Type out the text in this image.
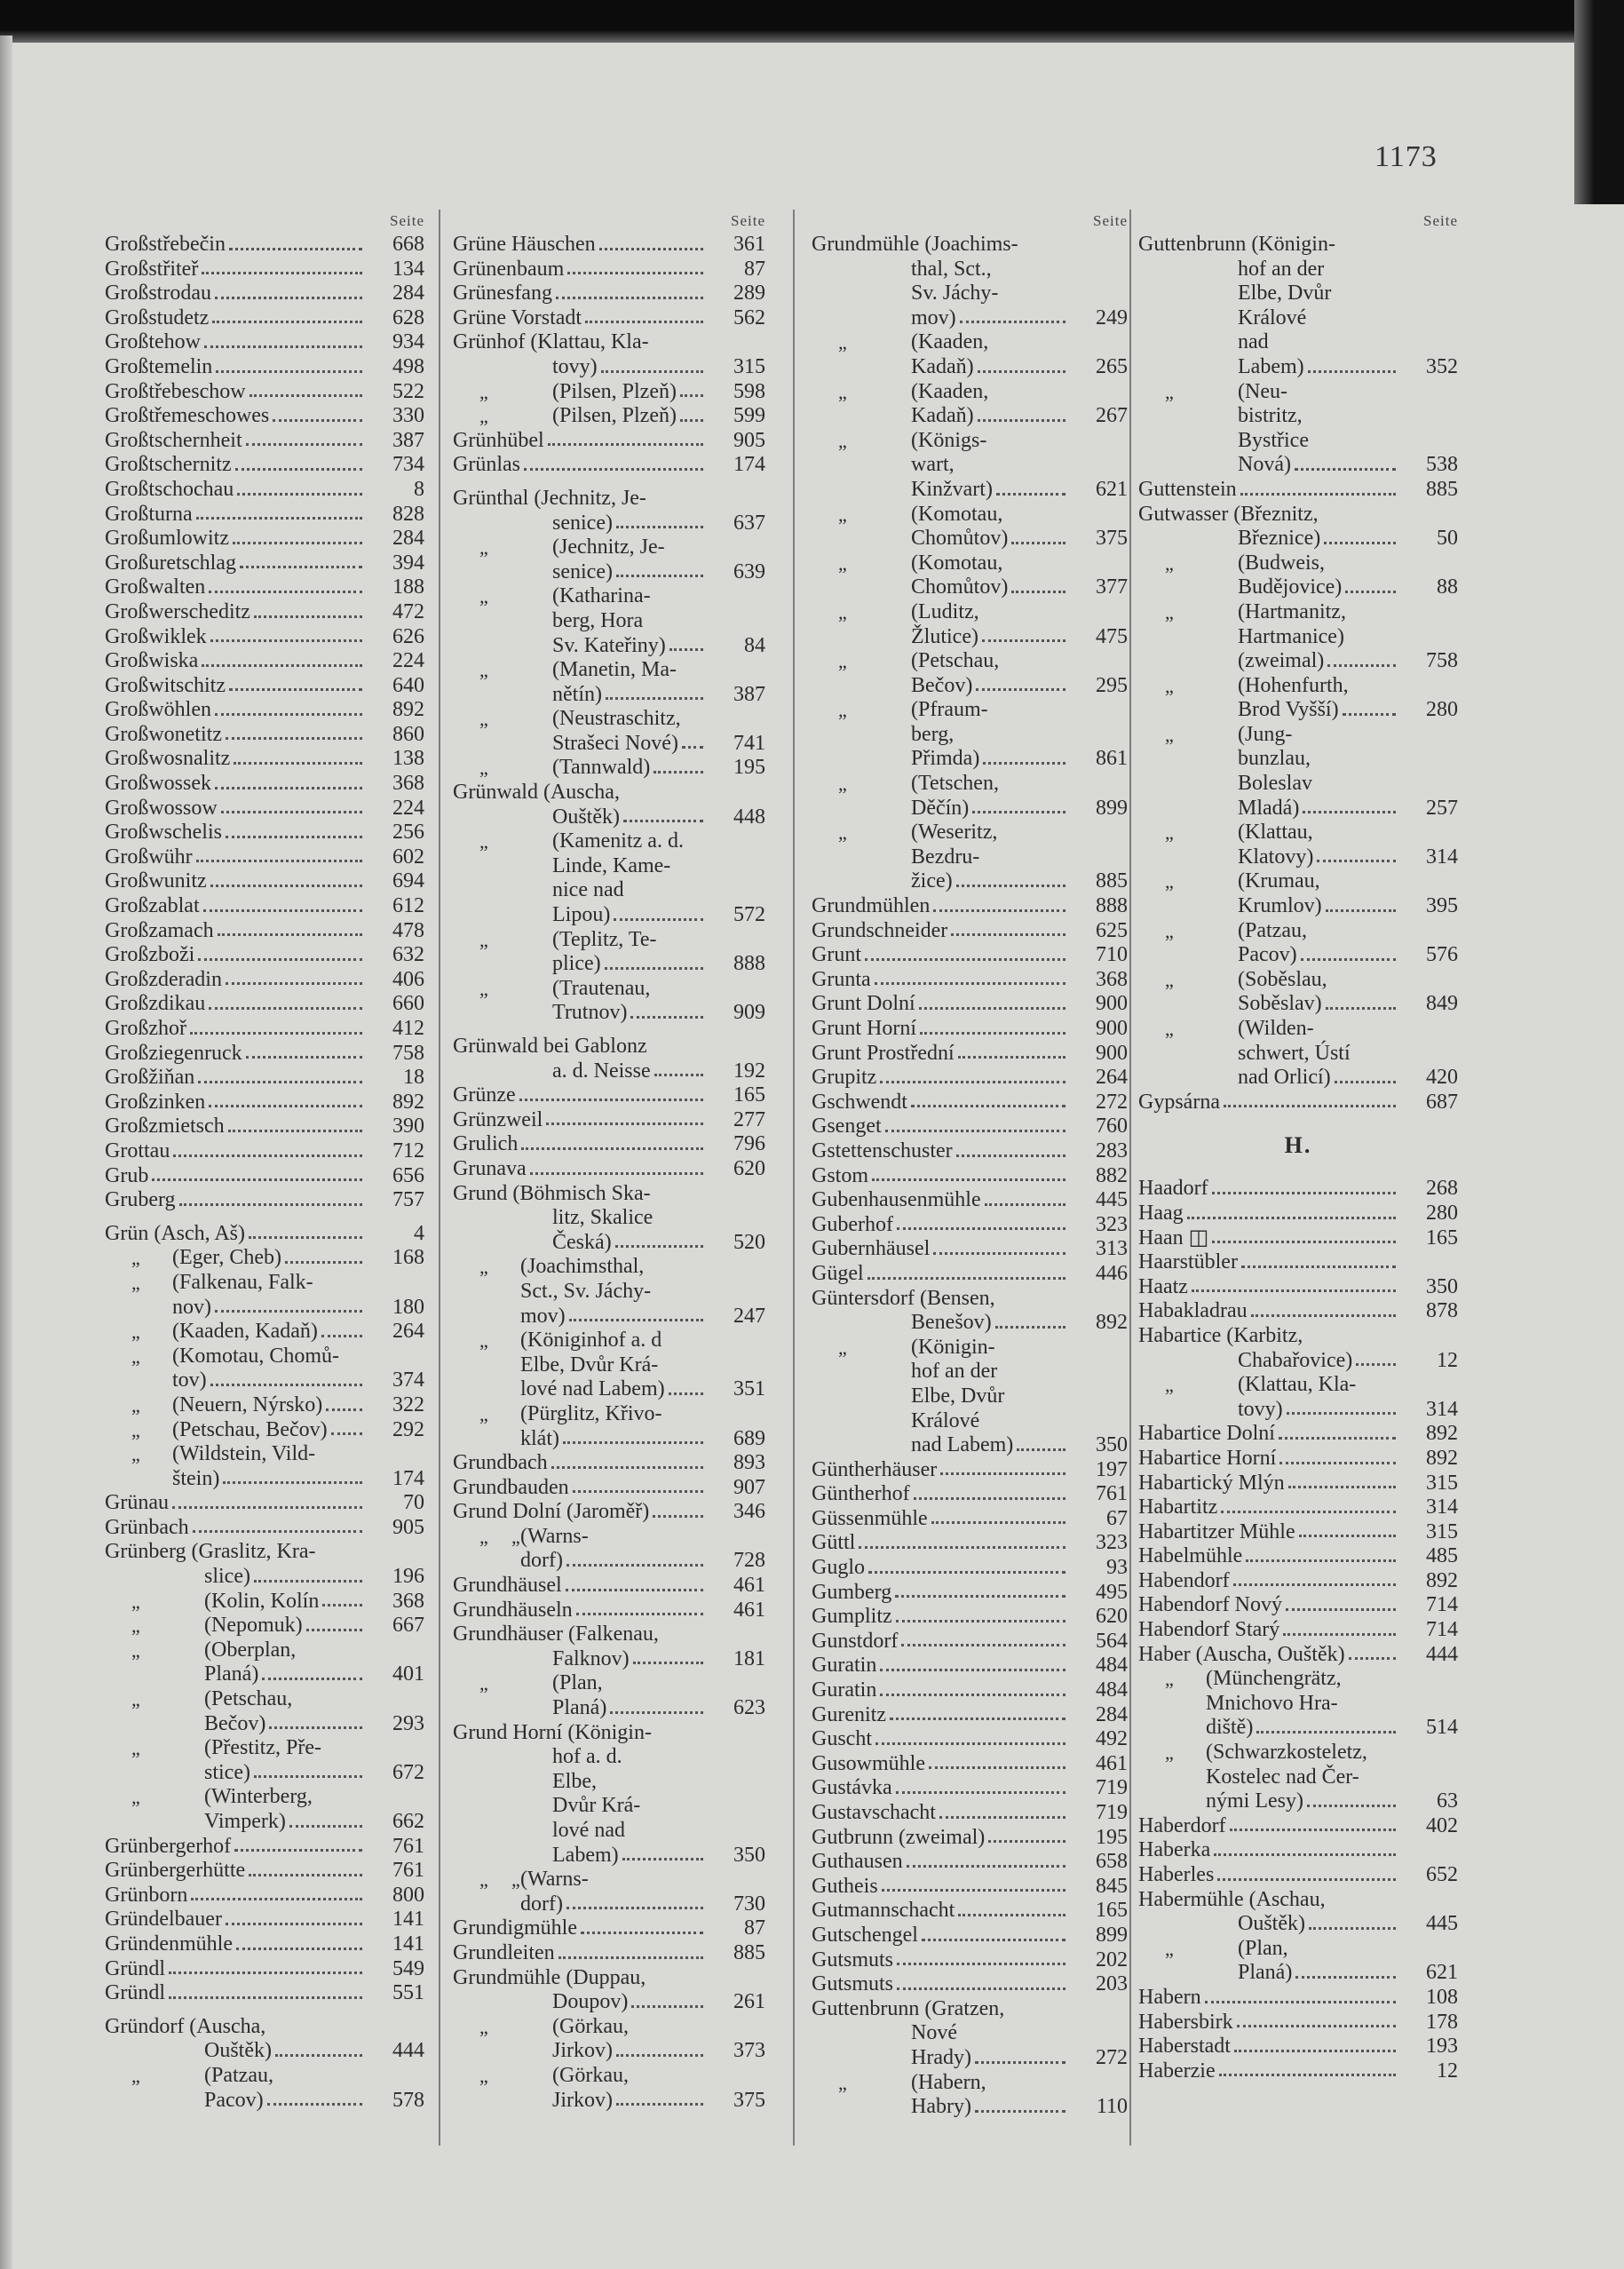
1173
Seite
Großstřebečin	668
Großstřiteř	134
Großstrodau	284
Großstudetz	628
Großtehow	934
Großtemelin	498
Großtřebeschow	522
Großtřemeschowes	330
Großtschernheit	387
Großtschernitz	734
Großtschochau	8
Großturna	828
Großumlowitz	284
Großuretschlag	394
Großwalten	188
Großwerscheditz	472
Großwiklek	626
Großwiska	224
Großwitschitz	640
Großwöhlen	892
Großwonetitz	860
Großwosnalitz	138
Großwossek	368
Großwossow	224
Großwschelis	256
Großwühr	602
Großwunitz	694
Großzablat	612
Großzamach	478
Großzboži	632
Großzderadin	406
Großzdikau	660
Großzhoř	412
Großziegenruck	758
Großžiňan	18
Großzinken	892
Großzmietsch	390
Grottau	712
Grub	656
Gruberg	757
Grün (Asch, Aš)	4
„ (Eger, Cheb)	168
„	(Falkenau, Falk-
nov)	180
„ (Kaaden, Kadaň)	264
„	(Komotau, Chomů-
tov)	374
„ (Neuern, Nýrsko)	322
„ (Petschau, Bečov)	292
„	(Wildstein, Vild-
štein)	174
Grünau	70
Grünbach	905
Grünberg (Graslitz, Kra-
slice)	196
„	(Kolin, Kolín	368
„	(Nepomuk)	667
„	(Oberplan,
Planá)	401
„	(Petschau,
Bečov)	293
„	(Přestitz, Pře-
stice)	672
„	(Winterberg,
Vimperk)	662
Grünbergerhof	761
Grünbergerhütte	761
Grünborn	800
Gründelbauer	141
Gründenmühle	141
Gründl	549
Gründl	551
Gründorf (Auscha,
Ouštěk)	444
„	(Patzau,
Pacov)	578
Seite
Grüne Häuschen	361
Grünenbaum	87
Grünesfang	289
Grüne Vorstadt	562
Grünhof (Klattau, Kla-
tovy)	315
„	(Pilsen, Plzeň)	598
„	(Pilsen, Plzeň)	599
Grünhübel	905
Grünlas	174
Grünthal (Jechnitz, Je-
senice)	637
„	(Jechnitz, Je-
senice)	639
„	(Katharina-
berg, Hora
Sv. Kateřiny)	84
„	(Manetin, Ma-
nětín)	387
„	(Neustraschitz,
Strašeci Nové)	741
„	(Tannwald)	195
Grünwald (Auscha,
Ouštěk)	448
„	(Kamenitz a. d.
Linde, Kame-
nice nad
Lipou)	572
„	(Teplitz, Te-
plice)	888
„	(Trautenau,
Trutnov)	909
Grünwald bei Gablonz
a. d. Neisse	192
Grünze	165
Grünzweil	277
Grulich	796
Grunava	620
Grund (Böhmisch Ska-
litz, Skalice
Česká)	520
„	(Joachimsthal,
Sct., Sv. Jáchy-
mov)	247
„	(Königinhof a. d
Elbe, Dvůr Krá-
lové nad Labem)	351
„	(Pürglitz, Křivo-
klát)	689
Grundbach	893
Grundbauden	907
Grund Dolní (Jaroměř)	346
„ „ (Warns-
dorf)	728
Grundhäusel	461
Grundhäuseln	461
Grundhäuser (Falkenau,
Falknov)	181
„	(Plan,
Planá)	623
Grund Horní (Königin-
hof a. d.
Elbe,
Dvůr Krá-
lové nad
Labem)	350
„ „ (Warns-
dorf)	730
Grundigmühle	87
Grundleiten	885
Grundmühle (Duppau,
Doupov)	261
„	(Görkau,
Jirkov)	373
„	(Görkau,
Jirkov)	375
Seite
Grundmühle (Joachims-
thal, Sct.,
Sv. Jáchy-
mov)	249
„	(Kaaden,
Kadaň)	265
„	(Kaaden,
Kadaň)	267
„	(Königs-
wart,
Kinžvart)	621
„	(Komotau,
Chomůtov)	375
„	(Komotau,
Chomůtov)	377
„	(Luditz,
Žlutice)	475
„	(Petschau,
Bečov)	295
„	(Pfraum-
berg,
Přimda)	861
„	(Tetschen,
Děčín)	899
„	(Weseritz,
Bezdru-
žice)	885
Grundmühlen	888
Grundschneider	625
Grunt	710
Grunta	368
Grunt Dolní	900
Grunt Horní	900
Grunt Prostřední	900
Grupitz	264
Gschwendt	272
Gsenget	760
Gstettenschuster	283
Gstom	882
Gubenhausenmühle	445
Guberhof	323
Gubernhäusel	313
Gügel	446
Güntersdorf (Bensen,
Benešov)	892
„	(Königin-
hof an der
Elbe, Dvůr
Králové
nad Labem)	350
Güntherhäuser	197
Güntherhof	761
Güssenmühle	67
Güttl	323
Guglo	93
Gumberg	495
Gumplitz	620
Gunstdorf	564
Guratin	484
Guratin	484
Gurenitz	284
Guscht	492
Gusowmühle	461
Gustávka	719
Gustavschacht	719
Gutbrunn (zweimal)	195
Guthausen	658
Gutheis	845
Gutmannschacht	165
Gutschengel	899
Gutsmuts	202
Gutsmuts	203
Guttenbrunn (Gratzen,
Nové
Hrady)	272
„	(Habern,
Habry)	110
Seite
Guttenbrunn (Königin-
hof an der
Elbe, Dvůr
Králové
nad
Labem)	352
„	(Neu-
bistritz,
Bystřice
Nová)	538
Guttenstein	885
Gutwasser (Březnitz,
Březnice)	50
„	(Budweis,
Budějovice)	88
„	(Hartmanitz,
Hartmanice)
(zweimal)	758
„	(Hohenfurth,
Brod Vyšší)	280
„	(Jung-
bunzlau,
Boleslav
Mladá)	257
„	(Klattau,
Klatovy)	314
„	(Krumau,
Krumlov)	395
„	(Patzau,
Pacov)	576
„	(Soběslau,
Soběslav)	849
„	(Wilden-
schwert, Ústí
nad Orlicí)	420
Gypsárna	687
H.
Haadorf	268
Haag	280
Haan ◫	165
Haarstübler
Haatz	350
Habakladrau	878
Habartice (Karbitz,
Chabařovice)	12
„	(Klattau, Kla-
tovy)	314
Habartice Dolní	892
Habartice Horní	892
Habartický Mlýn	315
Habartitz	314
Habartitzer Mühle	315
Habelmühle	485
Habendorf	892
Habendorf Nový	714
Habendorf Starý	714
Haber (Auscha, Ouštěk)	444
„	(Münchengrätz,
Mnichovo Hra-
diště)	514
„	(Schwarzkosteletz,
Kostelec nad Čer-
nými Lesy)	63
Haberdorf	402
Haberka
Haberles	652
Habermühle (Aschau,
Ouštěk)	445
„	(Plan,
Planá)	621
Habern	108
Habersbirk	178
Haberstadt	193
Haberzie	12
